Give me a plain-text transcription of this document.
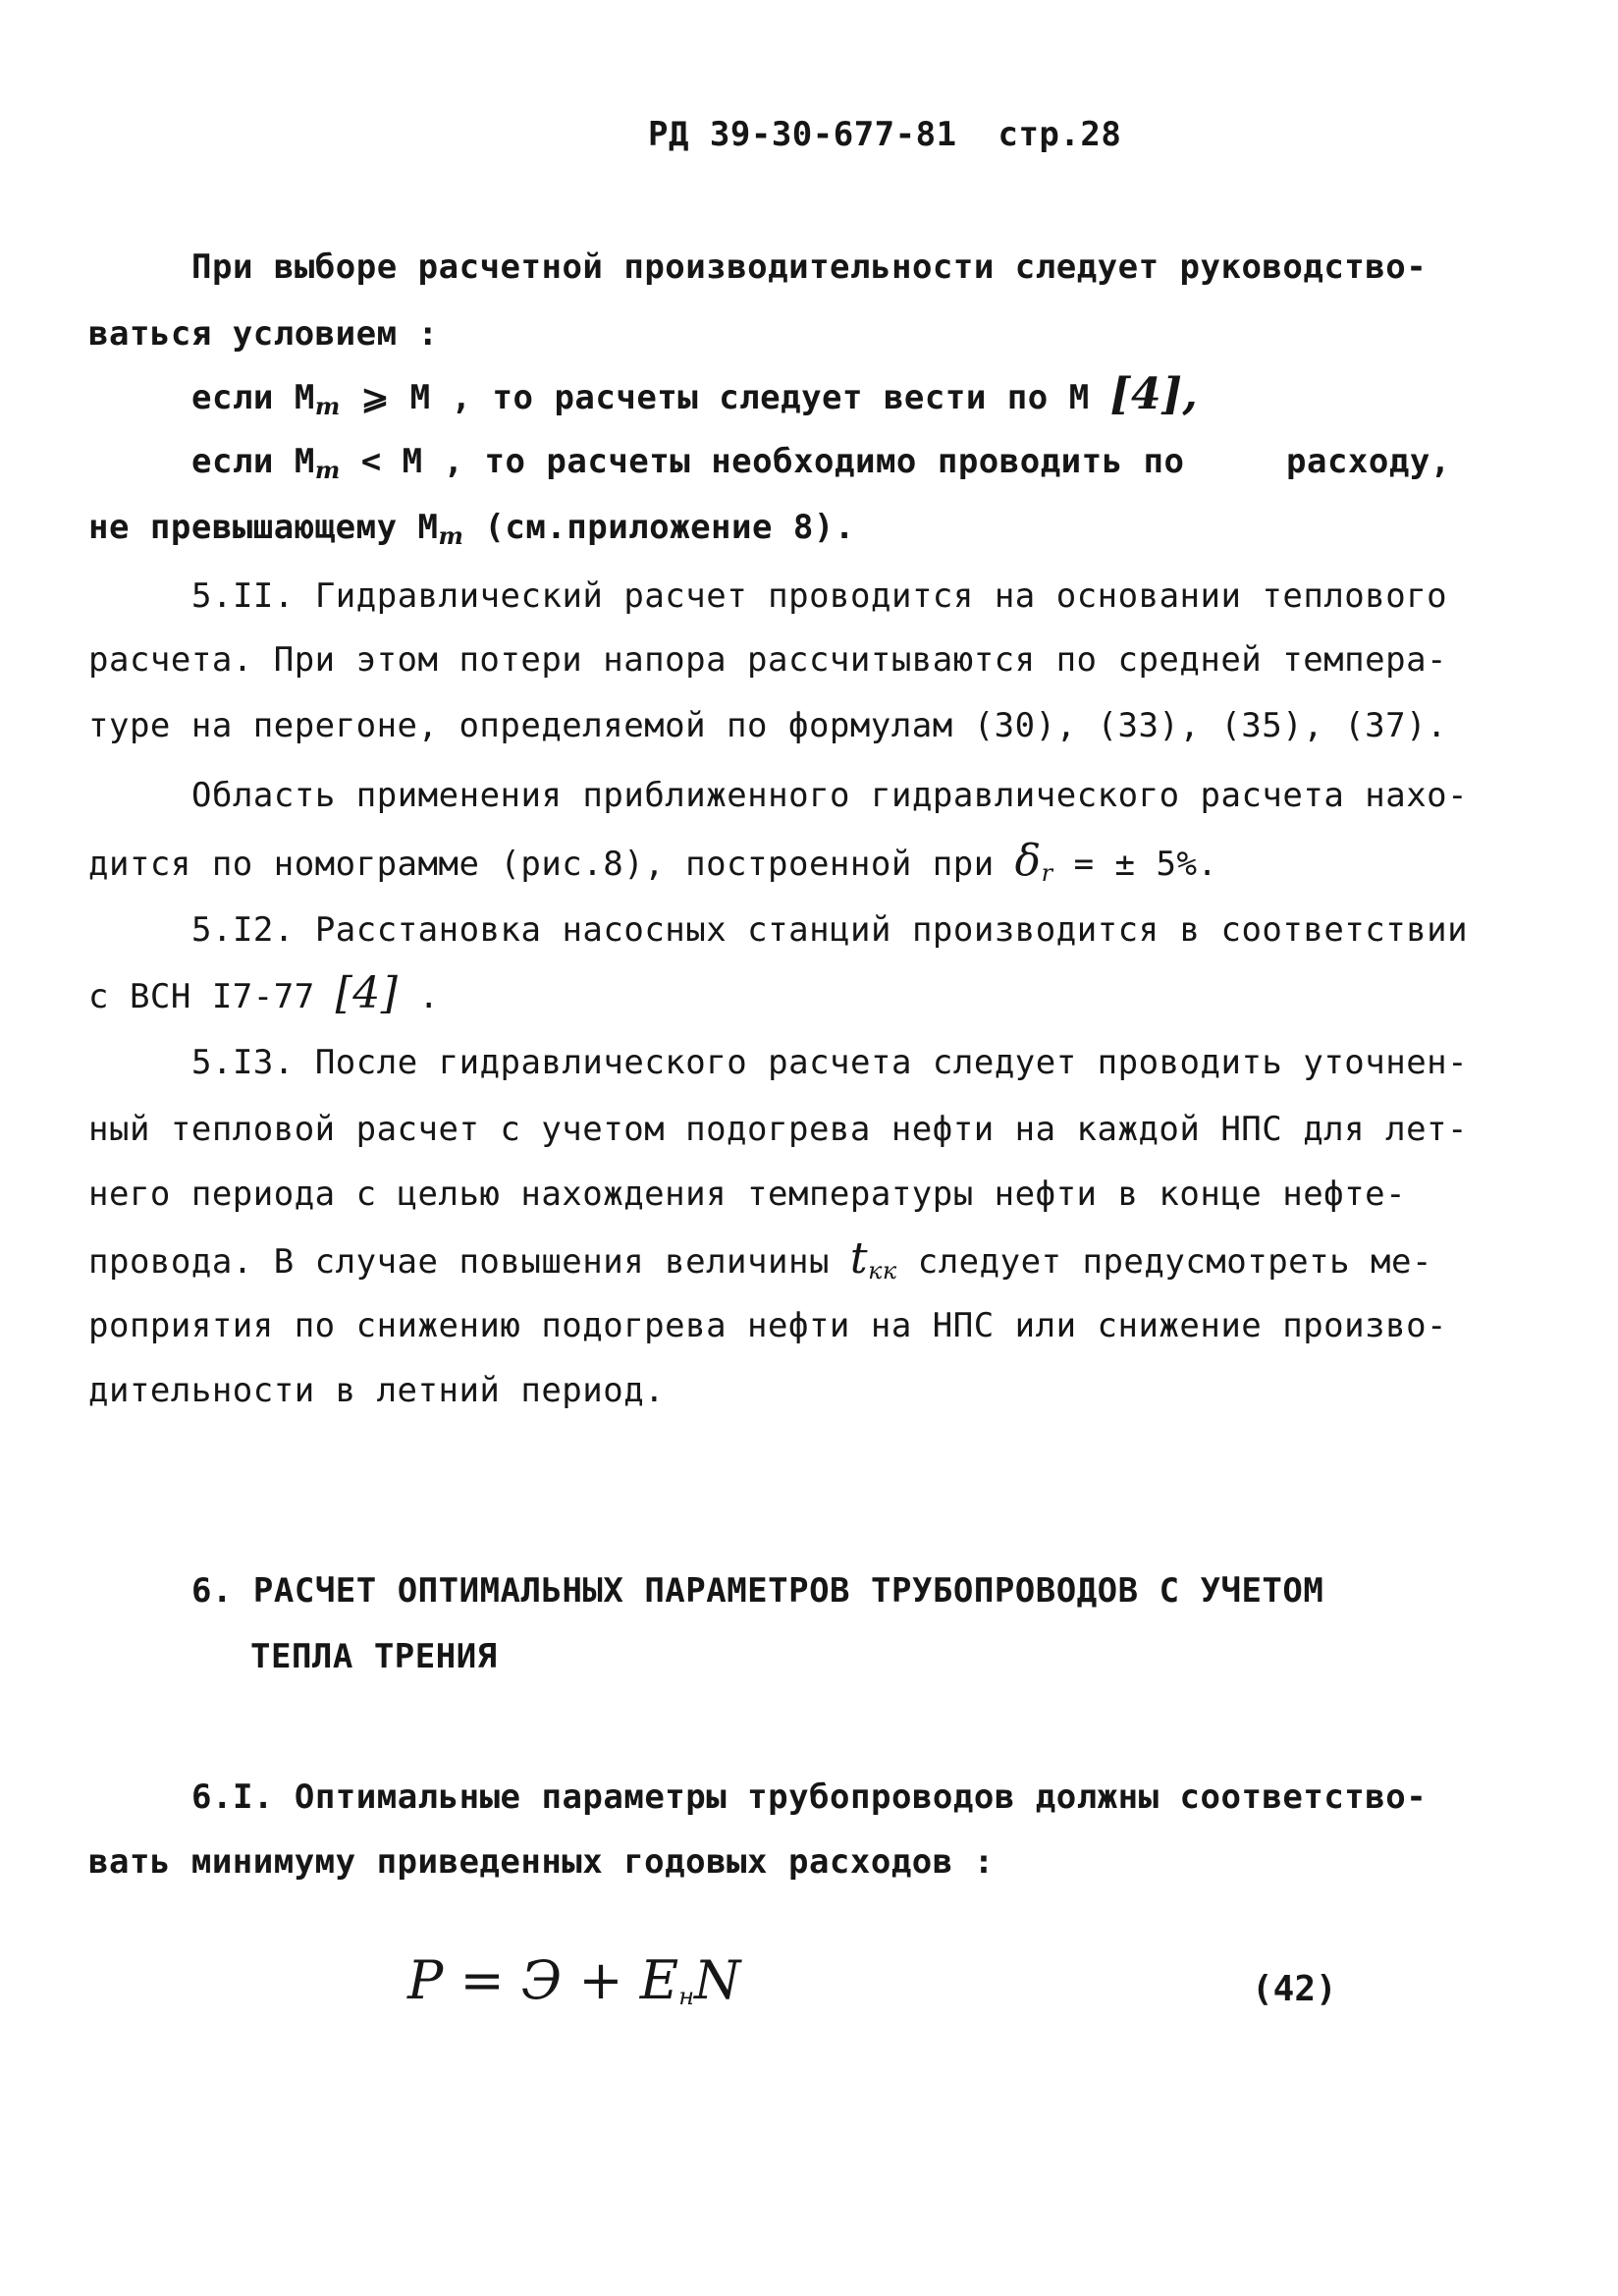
РД 39-30-677-81  стр.28
При выборе расчетной производительности следует руководство-
ваться условием :
если $М_m$ ⩾ М , то расчеты следует вести по М [4],
если $М_m < М$ , то расчеты необходимо проводить по	расходу,
не превышающему $М_m$ (см.приложение 8).
5.II. Гидравлический расчет проводится на основании теплового
расчета. При этом потери напора рассчитываются по средней темпера-
туре на перегоне, определяемой по формулам (30), (33), (35), (37).
Область применения приближенного гидравлического расчета нахо-
дится по номограмме (рис.8), построенной при $\delta_r$ = ± 5%.
5.I2. Расстановка насосных станций производится в соответствии
с ВСН I7-77 [4] .
5.I3. После гидравлического расчета следует проводить уточнен-
ный тепловой расчет с учетом подогрева нефти на каждой НПС для лет-
него периода с целью нахождения температуры нефти в конце нефте-
провода. В случае повышения величины $t_{кк}$ следует предусмотреть ме-
роприятия по снижению подогрева нефти на НПС или снижение произво-
дительности в летний период.
6. РАСЧЕТ ОПТИМАЛЬНЫХ ПАРАМЕТРОВ ТРУБОПРОВОДОВ С УЧЕТОМ
ТЕПЛА ТРЕНИЯ
6.I. Оптимальные параметры трубопроводов должны соответство-
вать минимуму приведенных годовых расходов :
$P = Э + Е_нN$	(42)
